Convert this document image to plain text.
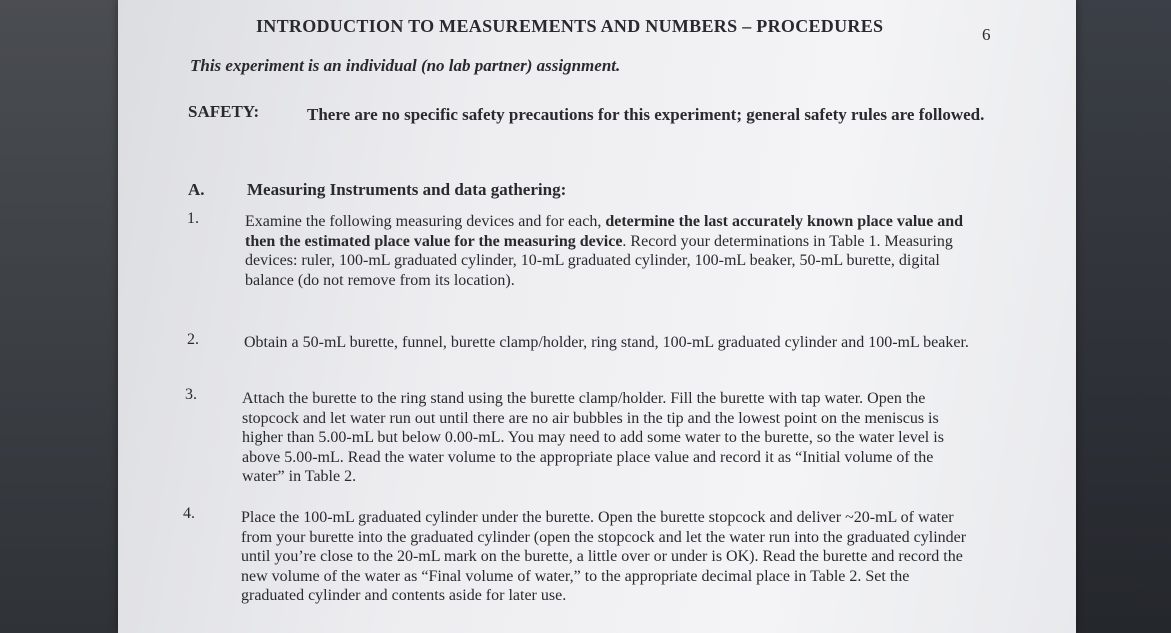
INTRODUCTION TO MEASUREMENTS AND NUMBERS – PROCEDURES	6
This experiment is an individual (no lab partner) assignment.
SAFETY:	There are no specific safety precautions for this experiment; general safety rules are followed.
A. Measuring Instruments and data gathering:
1.	Examine the following measuring devices and for each, determine the last accurately known place value and then the estimated place value for the measuring device. Record your determinations in Table 1. Measuring devices: ruler, 100-mL graduated cylinder, 10-mL graduated cylinder, 100-mL beaker, 50-mL burette, digital balance (do not remove from its location).
2.	Obtain a 50-mL burette, funnel, burette clamp/holder, ring stand, 100-mL graduated cylinder and 100-mL beaker.
3.	Attach the burette to the ring stand using the burette clamp/holder. Fill the burette with tap water. Open the stopcock and let water run out until there are no air bubbles in the tip and the lowest point on the meniscus is higher than 5.00-mL but below 0.00-mL. You may need to add some water to the burette, so the water level is above 5.00-mL. Read the water volume to the appropriate place value and record it as “Initial volume of the water” in Table 2.
4.	Place the 100-mL graduated cylinder under the burette. Open the burette stopcock and deliver ~20-mL of water from your burette into the graduated cylinder (open the stopcock and let the water run into the graduated cylinder until you’re close to the 20-mL mark on the burette, a little over or under is OK). Read the burette and record the new volume of the water as “Final volume of water,” to the appropriate decimal place in Table 2. Set the graduated cylinder and contents aside for later use.
